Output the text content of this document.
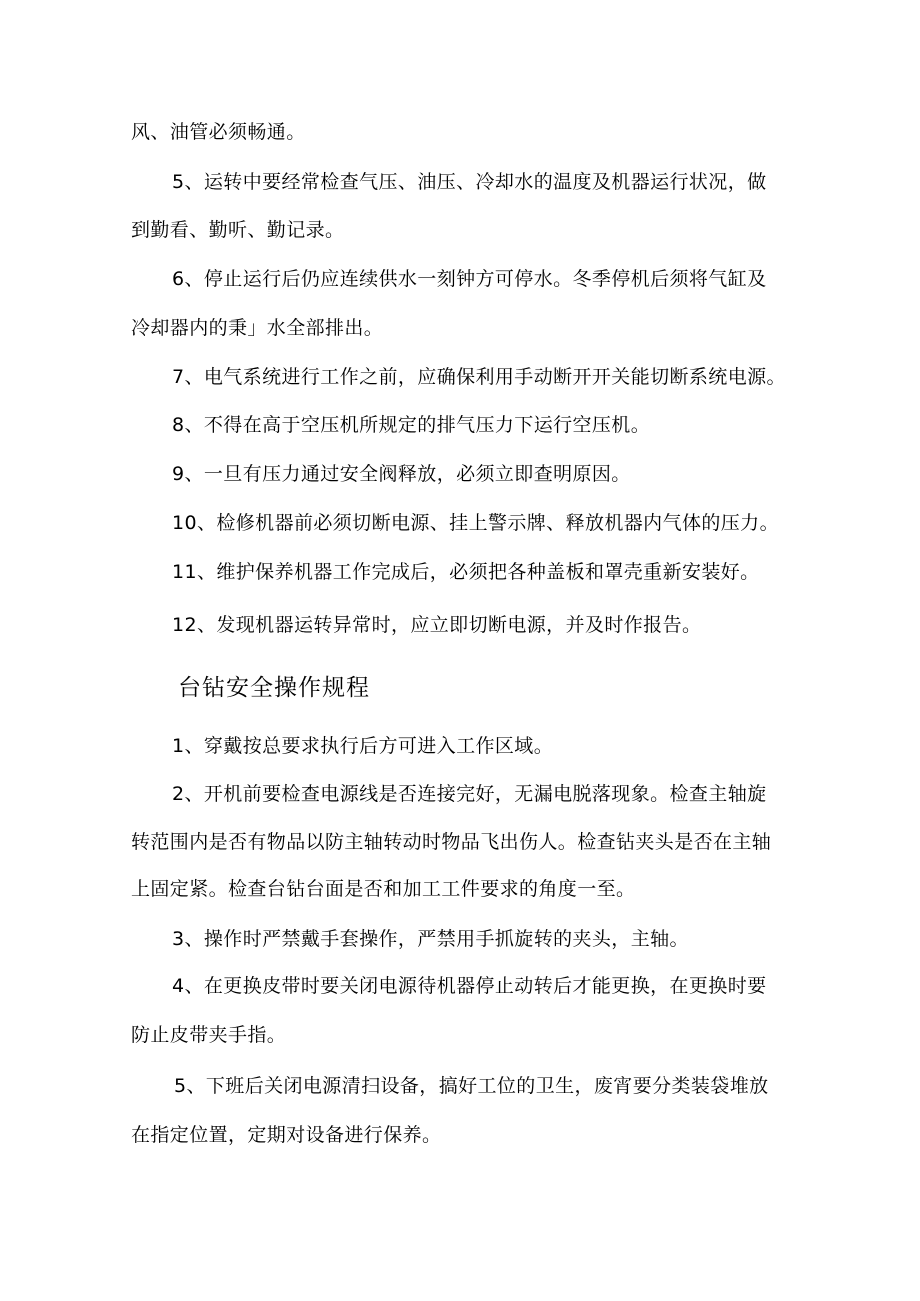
风、油管必须畅通。
5、运转中要经常检查气压、油压、冷却水的温度及机器运行状况，做
到勤看、勤听、勤记录。
6、停止运行后仍应连续供水一刻钟方可停水。冬季停机后须将气缸及
冷却器内的秉」水全部排出。
7、电气系统进行工作之前，应确保利用手动断开开关能切断系统电源。
8、不得在高于空压机所规定的排气压力下运行空压机。
9、一旦有压力通过安全阀释放，必须立即查明原因。
10、检修机器前必须切断电源、挂上警示牌、释放机器内气体的压力。
11、维护保养机器工作完成后，必须把各种盖板和罩壳重新安装好。
12、发现机器运转异常时，应立即切断电源，并及时作报告。
台钻安全操作规程
1、穿戴按总要求执行后方可进入工作区域。
2、开机前要检查电源线是否连接完好，无漏电脱落现象。检查主轴旋
转范围内是否有物品以防主轴转动时物品飞出伤人。检查钻夹头是否在主轴
上固定紧。检查台钻台面是否和加工工件要求的角度一至。
3、操作时严禁戴手套操作，严禁用手抓旋转的夹头，主轴。
4、在更换皮带时要关闭电源待机器停止动转后才能更换，在更换时要
防止皮带夹手指。
5、下班后关闭电源清扫设备，搞好工位的卫生，废宵要分类装袋堆放
在指定位置，定期对设备进行保养。
